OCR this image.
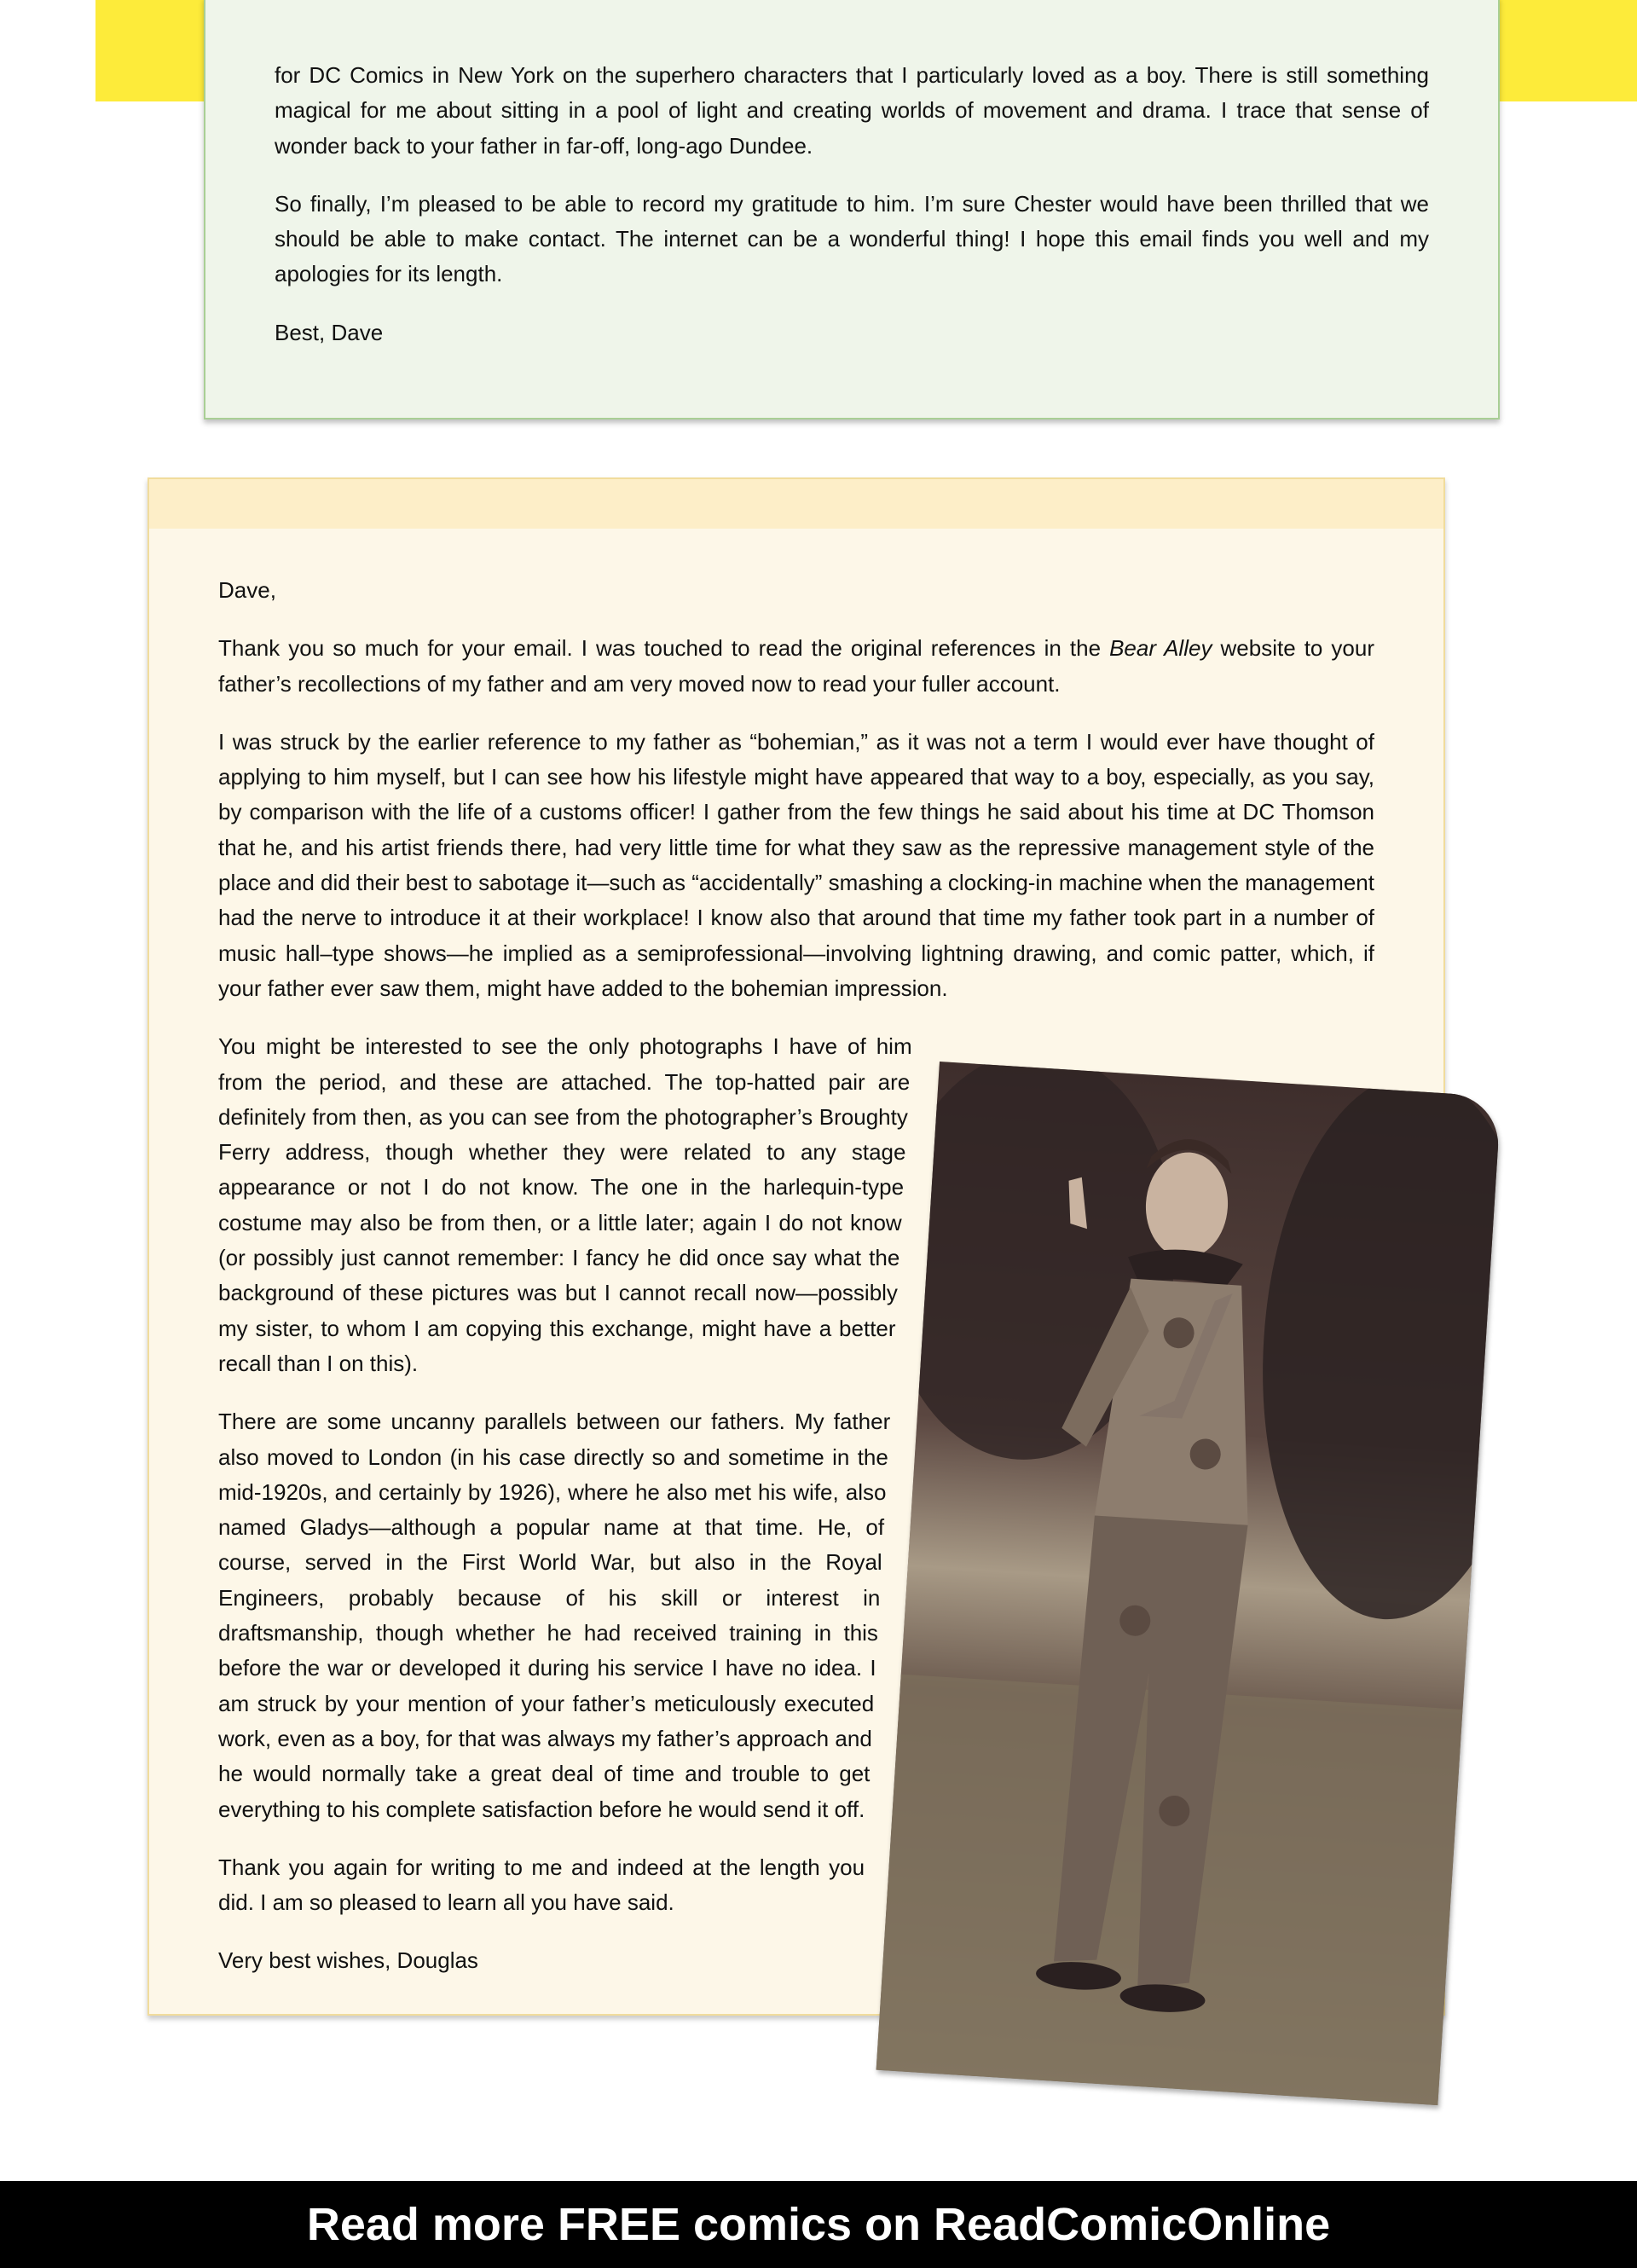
for DC Comics in New York on the superhero characters that I particularly loved as a boy. There is still something magical for me about sitting in a pool of light and creating worlds of movement and drama. I trace that sense of wonder back to your father in far-off, long-ago Dundee.

So finally, I’m pleased to be able to record my gratitude to him. I’m sure Chester would have been thrilled that we should be able to make contact. The internet can be a wonderful thing! I hope this email finds you well and my apologies for its length.

Best, Dave

Dave,

Thank you so much for your email. I was touched to read the original references in the Bear Alley website to your father’s recollections of my father and am very moved now to read your fuller account.

I was struck by the earlier reference to my father as “bohemian,” as it was not a term I would ever have thought of applying to him myself, but I can see how his lifestyle might have appeared that way to a boy, especially, as you say, by comparison with the life of a customs officer! I gather from the few things he said about his time at DC Thomson that he, and his artist friends there, had very little time for what they saw as the repressive management style of the place and did their best to sabotage it—such as “accidentally” smashing a clocking-in machine when the management had the nerve to introduce it at their workplace! I know also that around that time my father took part in a number of music hall–type shows—he implied as a semiprofessional—involving lightning drawing, and comic patter, which, if your father ever saw them, might have added to the bohemian impression.

You might be interested to see the only photographs I have of him from the period, and these are attached. The top-hatted pair are definitely from then, as you can see from the photographer’s Broughty Ferry address, though whether they were related to any stage appearance or not I do not know. The one in the harlequin-type costume may also be from then, or a little later; again I do not know (or possibly just cannot remember: I fancy he did once say what the background of these pictures was but I cannot recall now—possibly my sister, to whom I am copying this exchange, might have a better recall than I on this).

There are some uncanny parallels between our fathers. My father also moved to London (in his case directly so and sometime in the mid-1920s, and certainly by 1926), where he also met his wife, also named Gladys—although a popular name at that time. He, of course, served in the First World War, but also in the Royal Engineers, probably because of his skill or interest in draftsmanship, though whether he had received training in this before the war or developed it during his service I have no idea. I am struck by your mention of your father’s meticulously executed work, even as a boy, for that was always my father’s approach and he would normally take a great deal of time and trouble to get everything to his complete satisfaction before he would send it off.

Thank you again for writing to me and indeed at the length you did. I am so pleased to learn all you have said.

Very best wishes, Douglas

Read more FREE comics on ReadComicOnline
